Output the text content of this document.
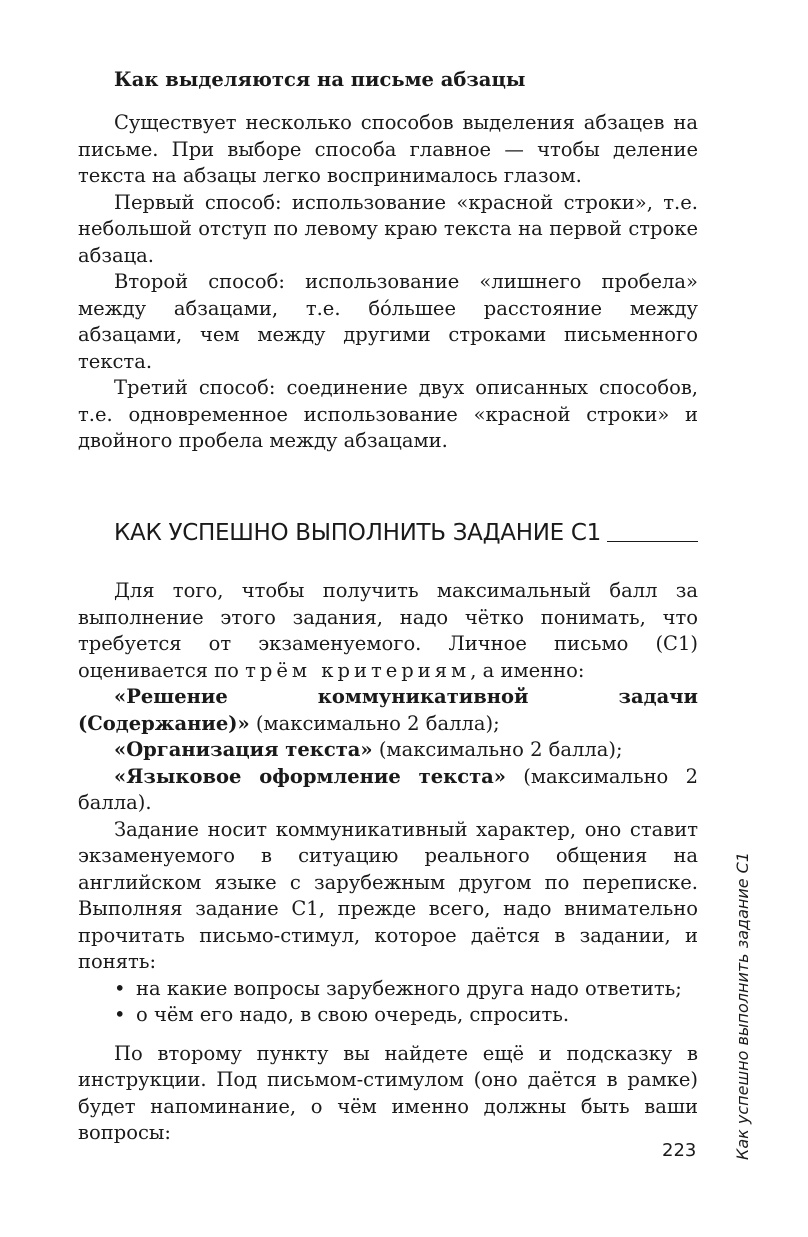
Как выделяются на письме абзацы

Существует несколько способов выделения абзацев на письме. При выборе способа главное — чтобы деление текста на абзацы легко воспринималось глазом.

Первый способ: использование «красной строки», т.е. небольшой отступ по левому краю текста на первой строке абзаца.

Второй способ: использование «лишнего пробела» между абзацами, т.е. бо́льшее расстояние между абзацами, чем между другими строками письменного текста.

Третий способ: соединение двух описанных способов, т.е. одновременное использование «красной строки» и двойного пробела между абзацами.

КАК УСПЕШНО ВЫПОЛНИТЬ ЗАДАНИЕ С1

Для того, чтобы получить максимальный балл за выполнение этого задания, надо чётко понимать, что требуется от экзаменуемого. Личное письмо (С1) оценивается по трём критериям, а именно:

«Решение коммуникативной задачи (Содержание)» (максимально 2 балла);

«Организация текста» (максимально 2 балла);

«Языковое оформление текста» (максимально 2 балла).

Задание носит коммуникативный характер, оно ставит экзаменуемого в ситуацию реального общения на английском языке с зарубежным другом по переписке. Выполняя задание С1, прежде всего, надо внимательно прочитать письмо-стимул, которое даётся в задании, и понять:

• на какие вопросы зарубежного друга надо ответить;
• о чём его надо, в свою очередь, спросить.

По второму пункту вы найдете ещё и подсказку в инструкции. Под письмом-стимулом (оно даётся в рамке) будет напоминание, о чём именно должны быть ваши вопросы:	Как успешно выполнить задание С1
223
